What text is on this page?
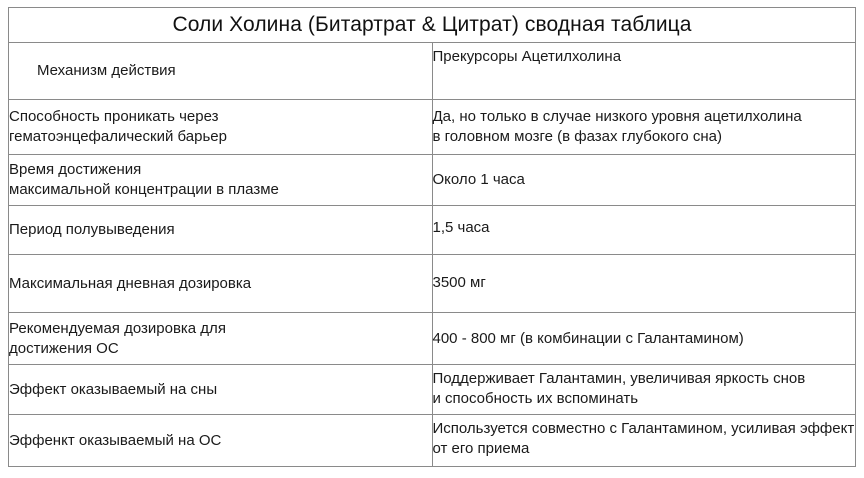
Соли Холина (Битартрат & Цитрат) сводная таблица	
Механизм действия	Прекурсоры Ацетилхолина
Способность проникать через
гематоэнцефалический барьер	Да, но только в случае низкого уровня ацетилхолина
в головном мозге (в фазах глубокого сна)
Время достижения
максимальной концентрации в плазме	Около 1 часа
Период полувыведения	1,5 часа
Максимальная дневная дозировка	3500 мг
Рекомендуемая дозировка для
достижения ОС	400 - 800 мг (в комбинации с Галантамином)
Эффект оказываемый на сны	Поддерживает Галантамин, увеличивая яркость снов
и способность их вспоминать
Эффенкт оказываемый на ОС	Используется совместно с Галантамином, усиливая эффект
от его приема
